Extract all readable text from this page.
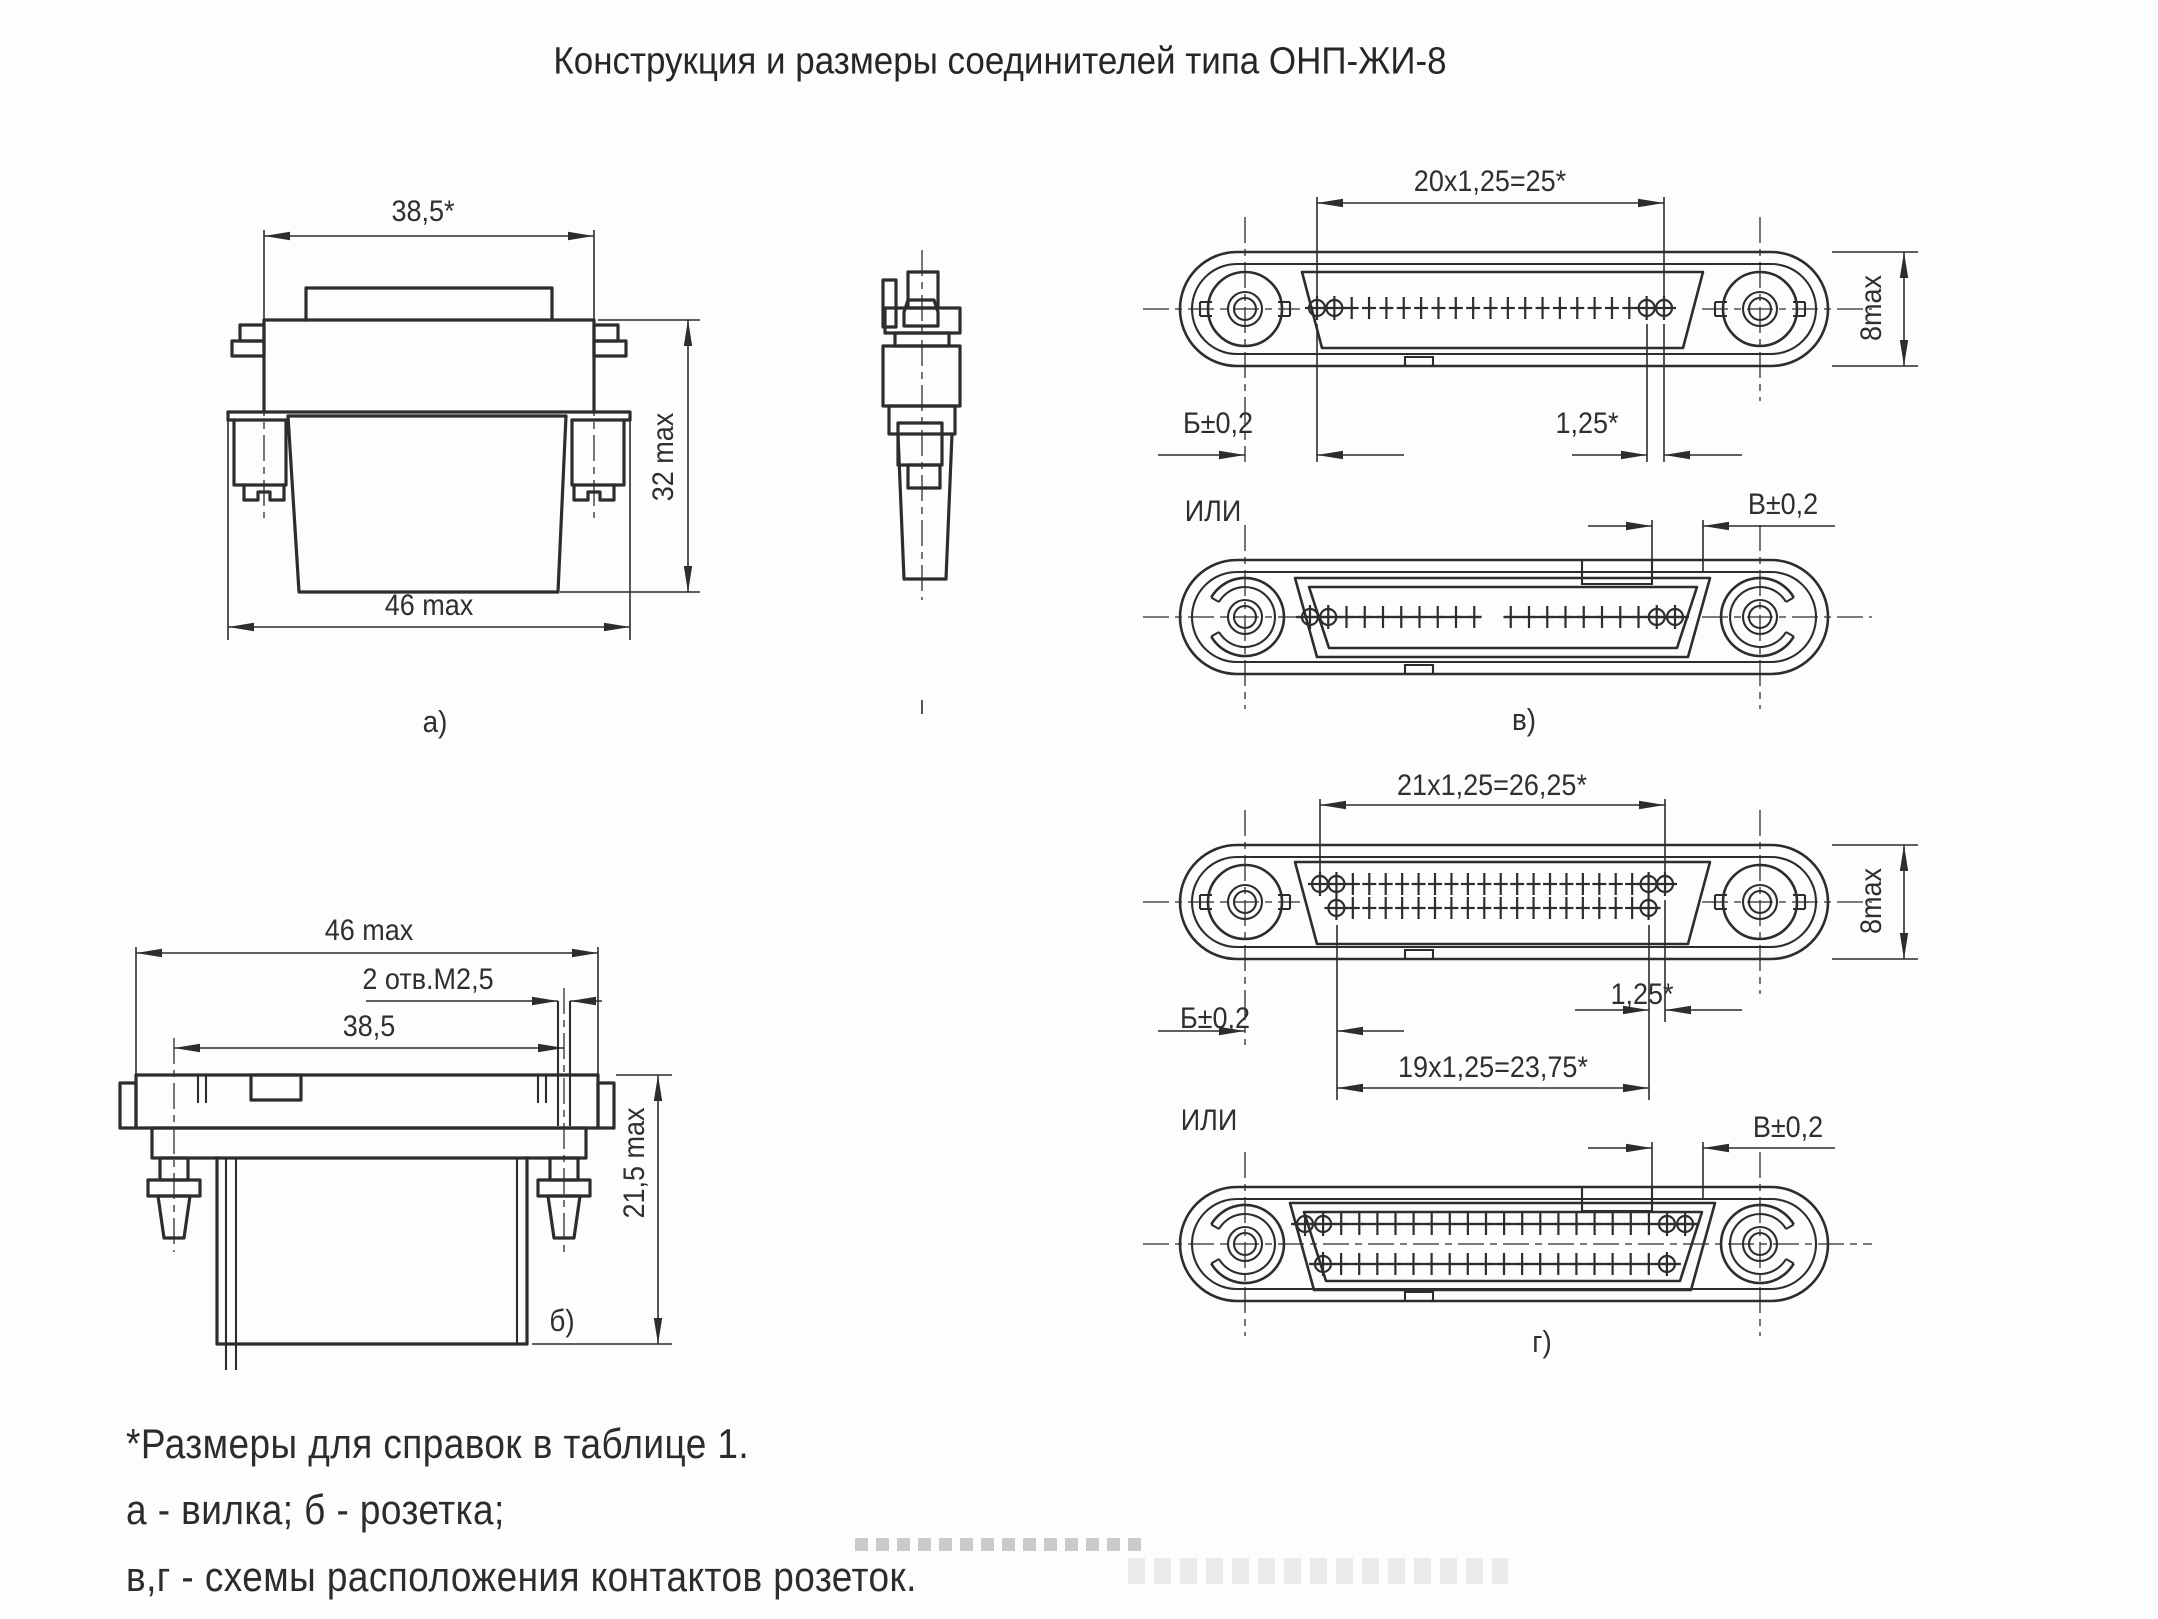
Конструкция и размеры соединителей типа ОНП-ЖИ-8
38,5*
32 max
46 max
а)
46 max
2 отв.М2,5
38,5
21,5 max
б)
20х1,25=25*
8max
Б±0,2	1,25*
ИЛИ	В±0,2
в)
21х1,25=26,25*
8max
1,25*
Б±0,2
19х1,25=23,75*
ИЛИ	В±0,2
г)
*Размеры для справок в таблице 1.
а - вилка; б - розетка;
в,г - схемы расположения контактов розеток.
